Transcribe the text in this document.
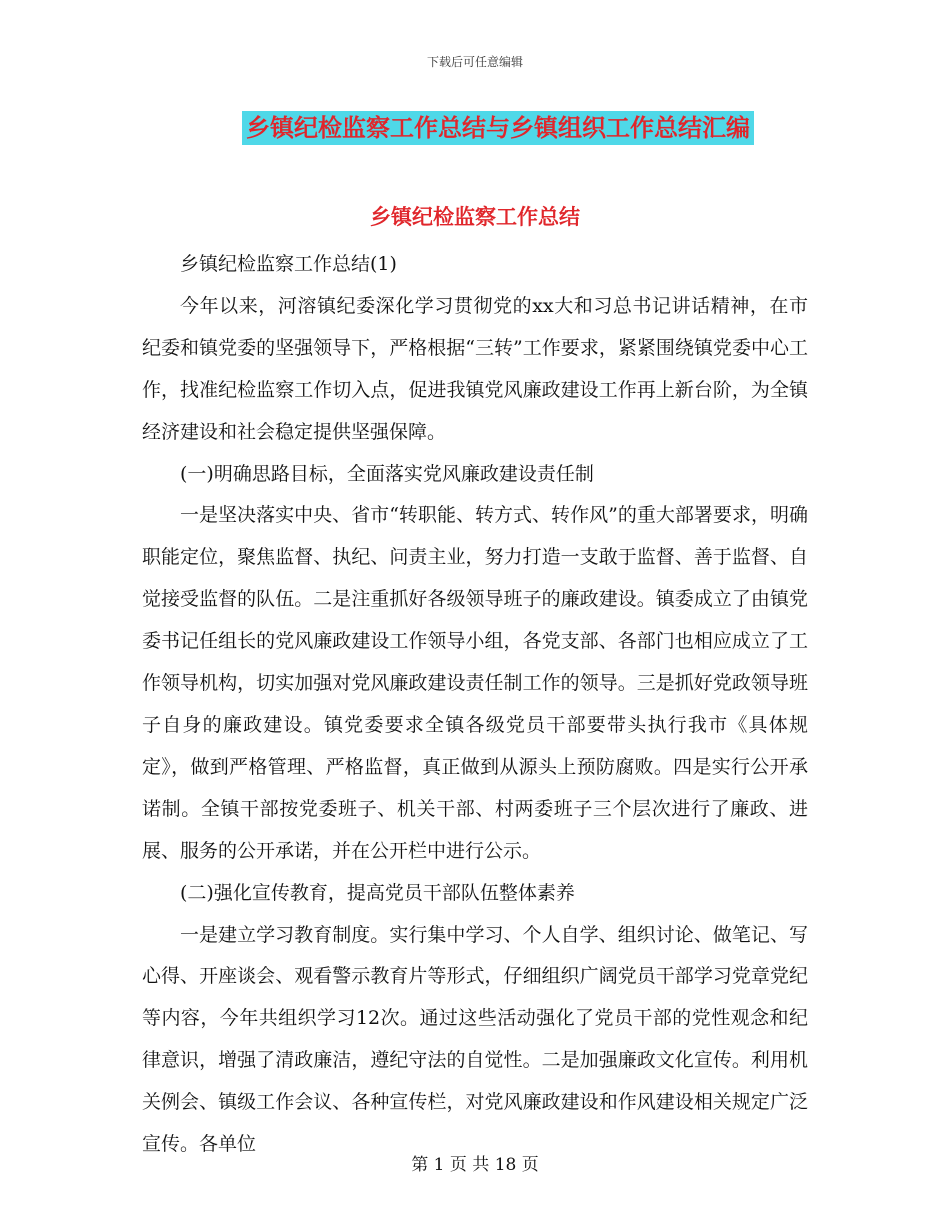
下载后可任意编辑
乡镇纪检监察工作总结与乡镇组织工作总结汇编
乡镇纪检监察工作总结

乡镇纪检监察工作总结(1)

今年以来，河溶镇纪委深化学习贯彻党的xx大和习总书记讲话精神，在市纪委和镇党委的坚强领导下，严格根据“三转”工作要求，紧紧围绕镇党委中心工作，找准纪检监察工作切入点，促进我镇党风廉政建设工作再上新台阶，为全镇经济建设和社会稳定提供坚强保障。

(一)明确思路目标，全面落实党风廉政建设责任制

一是坚决落实中央、省市“转职能、转方式、转作风”的重大部署要求，明确职能定位，聚焦监督、执纪、问责主业，努力打造一支敢于监督、善于监督、自觉接受监督的队伍。二是注重抓好各级领导班子的廉政建设。镇委成立了由镇党委书记任组长的党风廉政建设工作领导小组，各党支部、各部门也相应成立了工作领导机构，切实加强对党风廉政建设责任制工作的领导。三是抓好党政领导班子自身的廉政建设。镇党委要求全镇各级党员干部要带头执行我市《具体规定》，做到严格管理、严格监督，真正做到从源头上预防腐败。四是实行公开承诺制。全镇干部按党委班子、机关干部、村两委班子三个层次进行了廉政、进展、服务的公开承诺，并在公开栏中进行公示。

(二)强化宣传教育，提高党员干部队伍整体素养

一是建立学习教育制度。实行集中学习、个人自学、组织讨论、做笔记、写心得、开座谈会、观看警示教育片等形式，仔细组织广阔党员干部学习党章党纪等内容，今年共组织学习12次。通过这些活动强化了党员干部的党性观念和纪律意识，增强了清政廉洁，遵纪守法的自觉性。二是加强廉政文化宣传。利用机关例会、镇级工作会议、各种宣传栏，对党风廉政建设和作风建设相关规定广泛宣传。各单位

第 1 页 共 18 页
